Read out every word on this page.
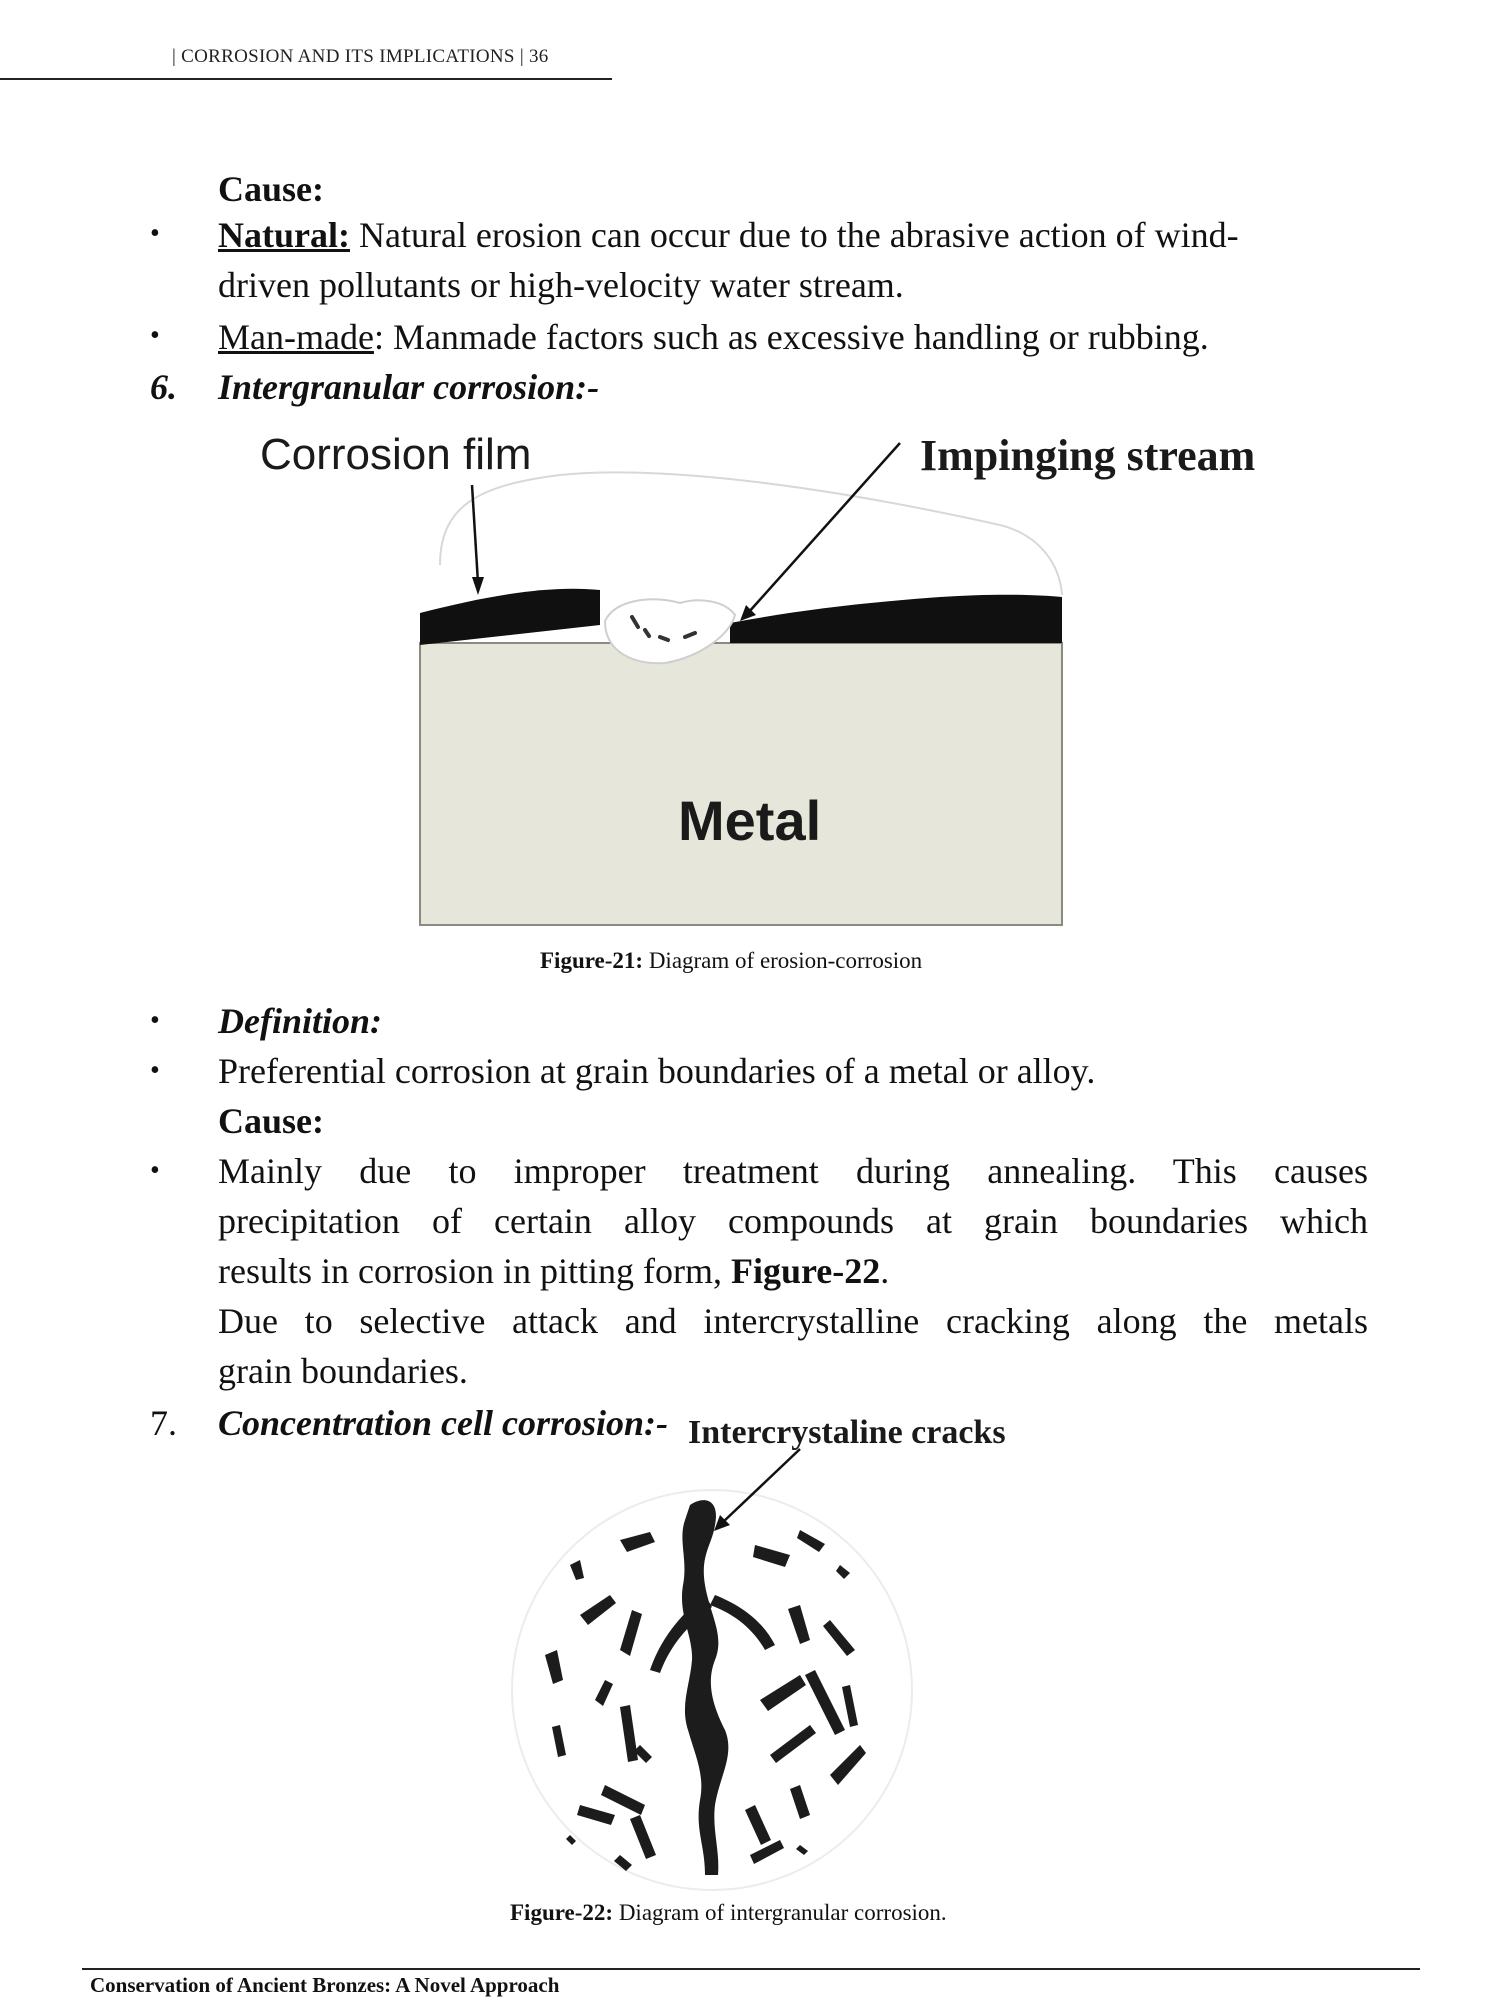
| CORROSION AND ITS IMPLICATIONS | 36
Cause:
• Natural: Natural erosion can occur due to the abrasive action of wind-
driven pollutants or high-velocity water stream.
• Man-made: Manmade factors such as excessive handling or rubbing.
6. Intergranular corrosion:-
Corrosion film	Impinging stream
Metal
Figure-21: Diagram of erosion-corrosion
• Definition:
• Preferential corrosion at grain boundaries of a metal or alloy.
Cause:
• Mainly due to improper treatment during annealing. This causes
precipitation of certain alloy compounds at grain boundaries which
results in corrosion in pitting form, Figure-22.
Due to selective attack and intercrystalline cracking along the metals
grain boundaries.
7. Concentration cell corrosion:- Intercrystaline cracks
Figure-22: Diagram of intergranular corrosion.
Conservation of Ancient Bronzes: A Novel Approach
